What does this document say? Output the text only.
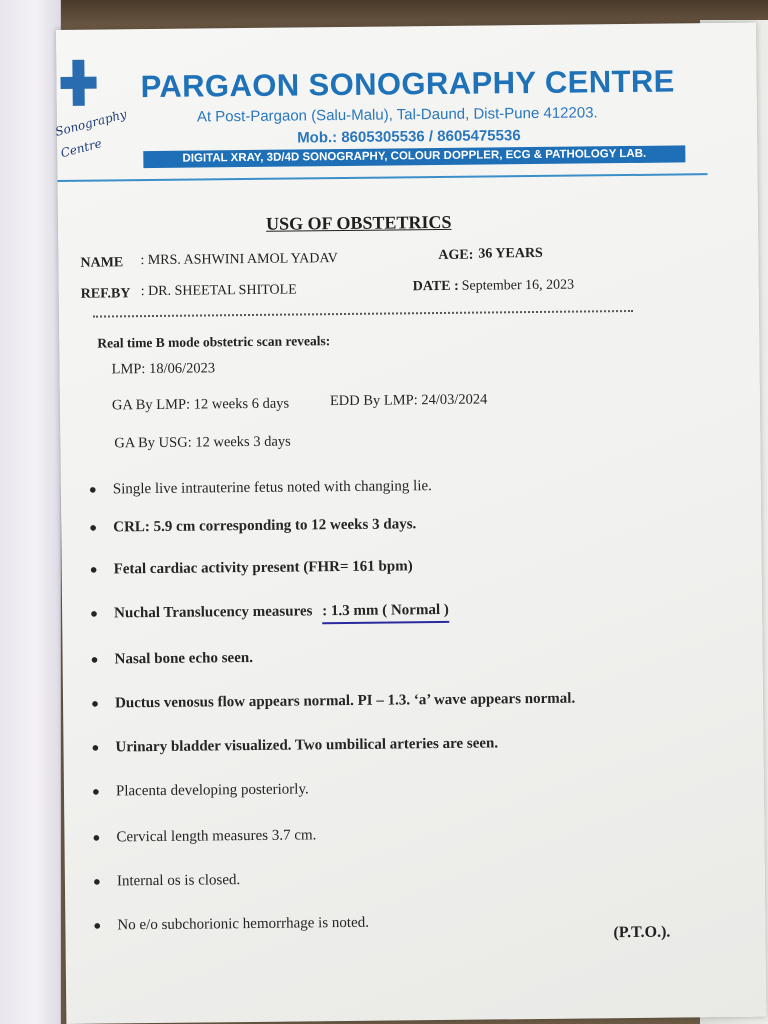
Sonography
Centre
PARGAON SONOGRAPHY CENTRE
At Post-Pargaon (Salu-Malu), Tal-Daund, Dist-Pune 412203.
Mob.: 8605305536 / 8605475536
DIGITAL XRAY, 3D/4D SONOGRAPHY, COLOUR DOPPLER, ECG & PATHOLOGY LAB.
USG OF OBSTETRICS
NAME : MRS. ASHWINI AMOL YADAV	AGE: 36 YEARS
REF.BY : DR. SHEETAL SHITOLE	DATE : September 16, 2023
Real time B mode obstetric scan reveals:
LMP: 18/06/2023
GA By LMP: 12 weeks 6 days	EDD By LMP: 24/03/2024
GA By USG: 12 weeks 3 days
● Single live intrauterine fetus noted with changing lie.
● CRL: 5.9 cm corresponding to 12 weeks 3 days.
● Fetal cardiac activity present (FHR= 161 bpm)
● Nuchal Translucency measures : 1.3 mm ( Normal )
● Nasal bone echo seen.
● Ductus venosus flow appears normal. PI – 1.3. ‘a’ wave appears normal.
● Urinary bladder visualized. Two umbilical arteries are seen.
● Placenta developing posteriorly.
● Cervical length measures 3.7 cm.
● Internal os is closed.
● No e/o subchorionic hemorrhage is noted.	(P.T.O.).
